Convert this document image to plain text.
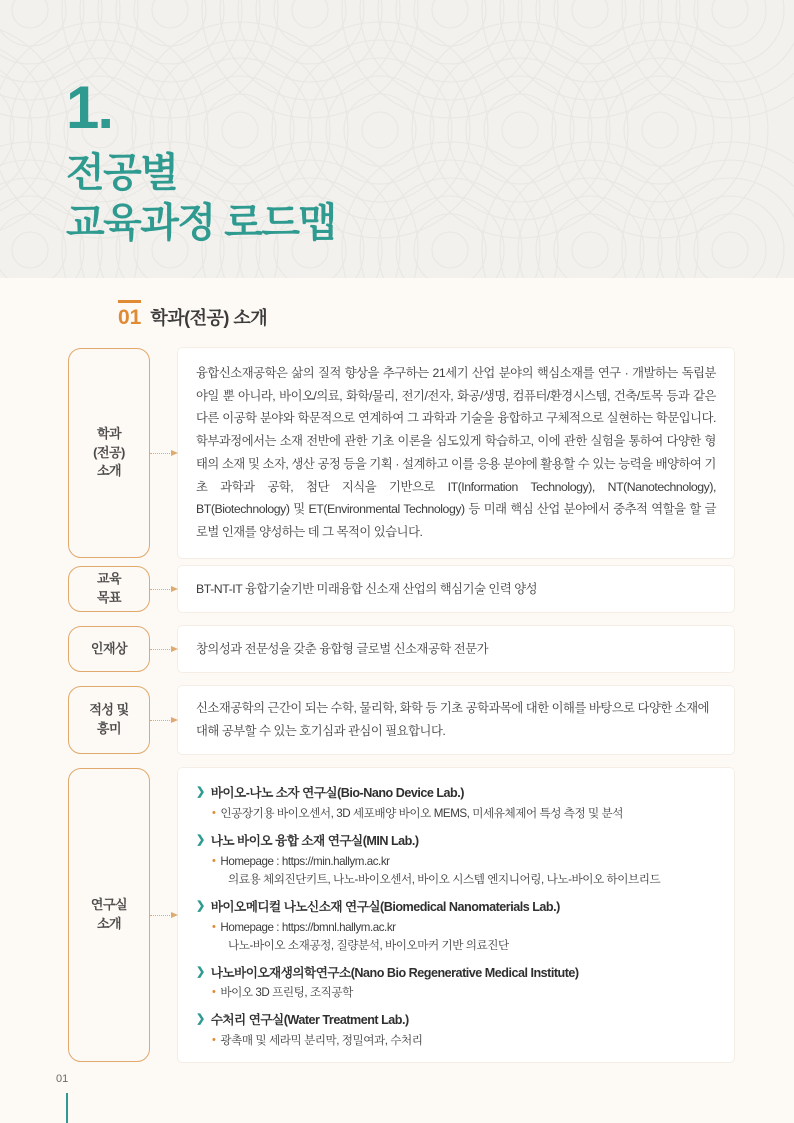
1.
전공별
교육과정 로드맵
01 학과(전공) 소개
학과
(전공)
소개
융합신소재공학은 삶의 질적 향상을 추구하는 21세기 산업 분야의 핵심소재를 연구 · 개발하는 독립분야일 뿐 아니라, 바이오/의료, 화학/물리, 전기/전자, 화공/생명, 컴퓨터/환경시스템, 건축/토목 등과 같은 다른 이공학 분야와 학문적으로 연계하여 그 과학과 기술을 융합하고 구체적으로 실현하는 학문입니다. 학부과정에서는 소재 전반에 관한 기초 이론을 심도있게 학습하고, 이에 관한 실험을 통하여 다양한 형태의 소재 및 소자, 생산 공정 등을 기획 · 설계하고 이를 응용 분야에 활용할 수 있는 능력을 배양하여 기초 과학과 공학, 첨단 지식을 기반으로 IT(Information Technology), NT(Nanotechnology), BT(Biotechnology) 및 ET(Environmental Technology) 등 미래 핵심 산업 분야에서 중추적 역할을 할 글로벌 인재를 양성하는 데 그 목적이 있습니다.
교육
목표
BT-NT-IT 융합기술기반 미래융합 신소재 산업의 핵심기술 인력 양성
인재상	창의성과 전문성을 갖춘 융합형 글로벌 신소재공학 전문가
적성 및
흥미
신소재공학의 근간이 되는 수학, 물리학, 화학 등 기초 공학과목에 대한 이해를 바탕으로 다양한 소재에 대해 공부할 수 있는 호기심과 관심이 필요합니다.
연구실
소개
❯ 바이오-나노 소자 연구실(Bio-Nano Device Lab.)
• 인공장기용 바이오센서, 3D 세포배양 바이오 MEMS, 미세유체제어 특성 측정 및 분석
❯ 나노 바이오 융합 소재 연구실(MIN Lab.)
• Homepage : https://min.hallym.ac.kr
의료용 체외진단키트, 나노-바이오센서, 바이오 시스템 엔지니어링, 나노-바이오 하이브리드
❯ 바이오메디컬 나노신소재 연구실(Biomedical Nanomaterials Lab.)
• Homepage : https://bmnl.hallym.ac.kr
나노-바이오 소재공정, 질량분석, 바이오마커 기반 의료진단
❯ 나노바이오재생의학연구소(Nano Bio Regenerative Medical Institute)
• 바이오 3D 프린팅, 조직공학
❯ 수처리 연구실(Water Treatment Lab.)
• 광촉매 및 세라믹 분리막, 정밀여과, 수처리
01
